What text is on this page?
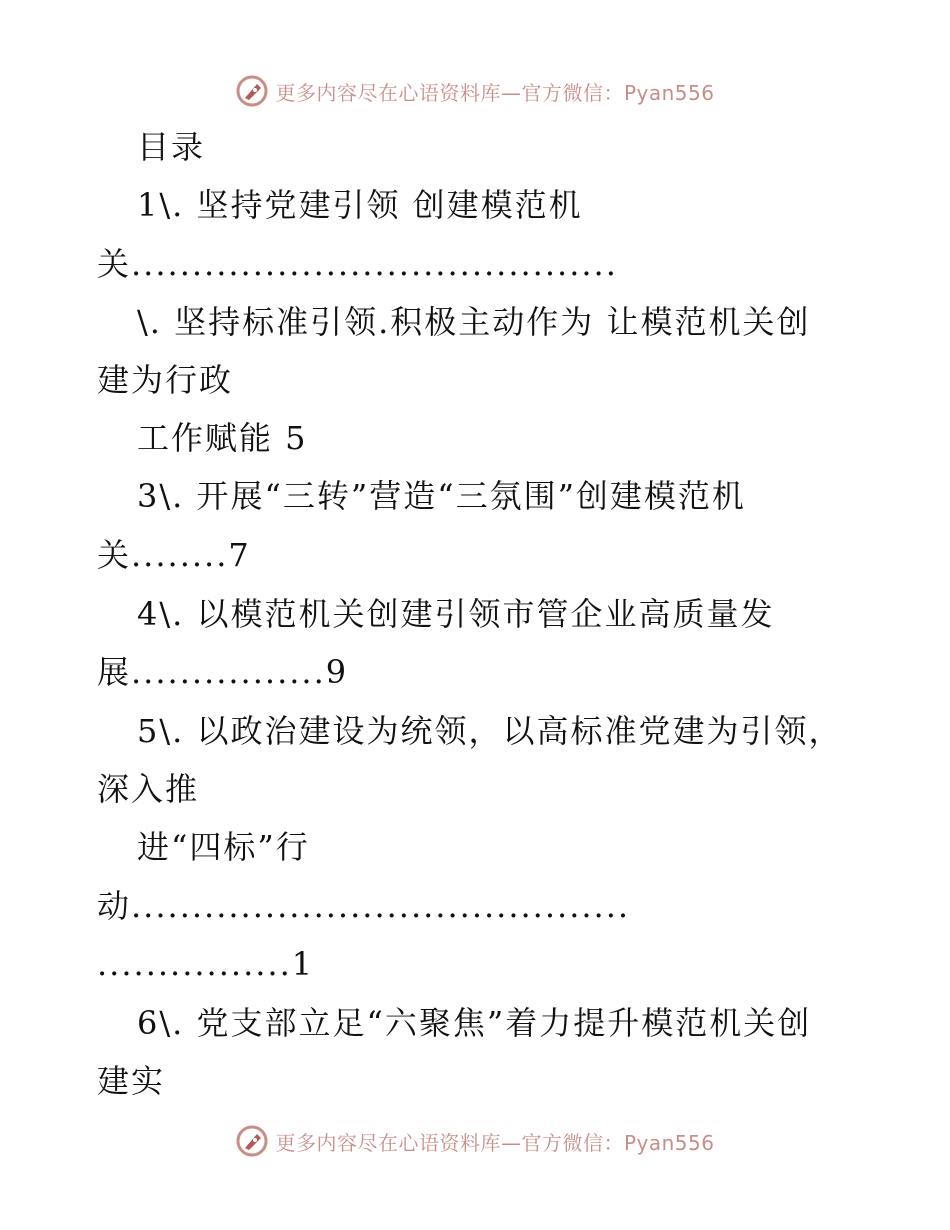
更多内容尽在心语资料库—官方微信：Pyan556
目录
1\. 坚持党建引领 创建模范机
关........................................
\. 坚持标准引领.积极主动作为 让模范机关创
建为行政
工作赋能 5
3\. 开展“三转”营造“三氛围”创建模范机
关........7
4\. 以模范机关创建引领市管企业高质量发
展................9
5\. 以政治建设为统领，以高标准党建为引领，
深入推
进“四标”行
动.........................................
................1
6\. 党支部立足“六聚焦”着力提升模范机关创
建实
更多内容尽在心语资料库—官方微信：Pyan556
